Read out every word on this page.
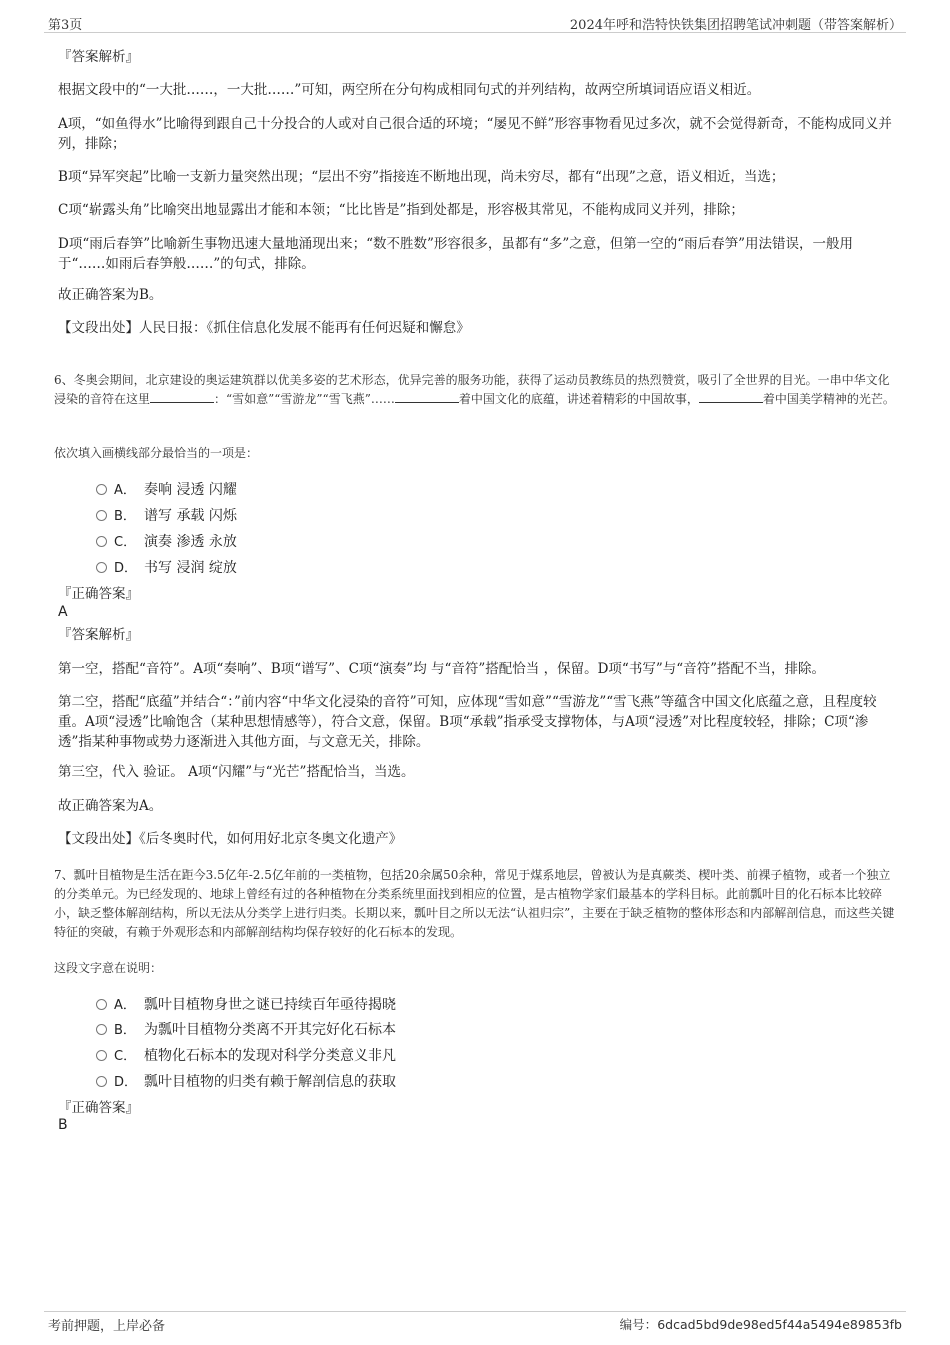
第3页	2024年呼和浩特快铁集团招聘笔试冲刺题（带答案解析）

『答案解析』

根据文段中的“一大批……，一大批……”可知，两空所在分句构成相同句式的并列结构，故两空所填词语应语义相近。

A项，“如鱼得水”比喻得到跟自己十分投合的人或对自己很合适的环境；“屡见不鲜”形容事物看见过多次，就不会觉得新奇，不能构成同义并列，排除；

B项“异军突起”比喻一支新力量突然出现；“层出不穷”指接连不断地出现，尚未穷尽，都有“出现”之意，语义相近，当选；

C项“崭露头角”比喻突出地显露出才能和本领；“比比皆是”指到处都是，形容极其常见，不能构成同义并列，排除；

D项“雨后春笋”比喻新生事物迅速大量地涌现出来；“数不胜数”形容很多，虽都有“多”之意，但第一空的“雨后春笋”用法错误，一般用于“……如雨后春笋般……”的句式，排除。

故正确答案为B。

【文段出处】人民日报：《抓住信息化发展不能再有任何迟疑和懈怠》

6、冬奥会期间，北京建设的奥运建筑群以优美多姿的艺术形态，优异完善的服务功能，获得了运动员教练员的热烈赞赏，吸引了全世界的目光。一串中华文化浸染的音符在这里	：“雪如意”“雪游龙”“雪飞燕”……	着中国文化的底蕴，讲述着精彩的中国故事，	着中国美学精神的光芒。

依次填入画横线部分最恰当的一项是：

A． 奏响 浸透 闪耀
B． 谱写 承载 闪烁
C． 演奏 渗透 永放
D． 书写 浸润 绽放

『正确答案』

A

『答案解析』

第一空，搭配“音符”。A项“奏响”、B项“谱写”、C项“演奏”均 与“音符”搭配恰当 ，保留。D项“书写”与“音符”搭配不当，排除。

第二空，搭配“底蕴”并结合“：”前内容“中华文化浸染的音符”可知，应体现“雪如意”“雪游龙”“雪飞燕”等蕴含中国文化底蕴之意，且程度较重。A项“浸透”比喻饱含（某种思想情感等），符合文意，保留。B项“承载”指承受支撑物体，与A项“浸透”对比程度较轻，排除；C项“渗透”指某种事物或势力逐渐进入其他方面，与文意无关，排除。

第三空，代入 验证。 A项“闪耀”与“光芒”搭配恰当，当选。

故正确答案为A。

【文段出处】《后冬奥时代，如何用好北京冬奥文化遗产》

7、瓢叶目植物是生活在距今3.5亿年-2.5亿年前的一类植物，包括20余属50余种，常见于煤系地层，曾被认为是真蕨类、楔叶类、前裸子植物，或者一个独立的分类单元。为已经发现的、地球上曾经有过的各种植物在分类系统里面找到相应的位置，是古植物学家们最基本的学科目标。此前瓢叶目的化石标本比较碎小，缺乏整体解剖结构，所以无法从分类学上进行归类。长期以来，瓢叶目之所以无法“认祖归宗”，主要在于缺乏植物的整体形态和内部解剖信息，而这些关键特征的突破，有赖于外观形态和内部解剖结构均保存较好的化石标本的发现。

这段文字意在说明：

A． 瓢叶目植物身世之谜已持续百年亟待揭晓
B． 为瓢叶目植物分类离不开其完好化石标本
C． 植物化石标本的发现对科学分类意义非凡
D． 瓢叶目植物的归类有赖于解剖信息的获取

『正确答案』

B
考前押题，上岸必备	编号：6dcad5bd9de98ed5f44a5494e89853fb
